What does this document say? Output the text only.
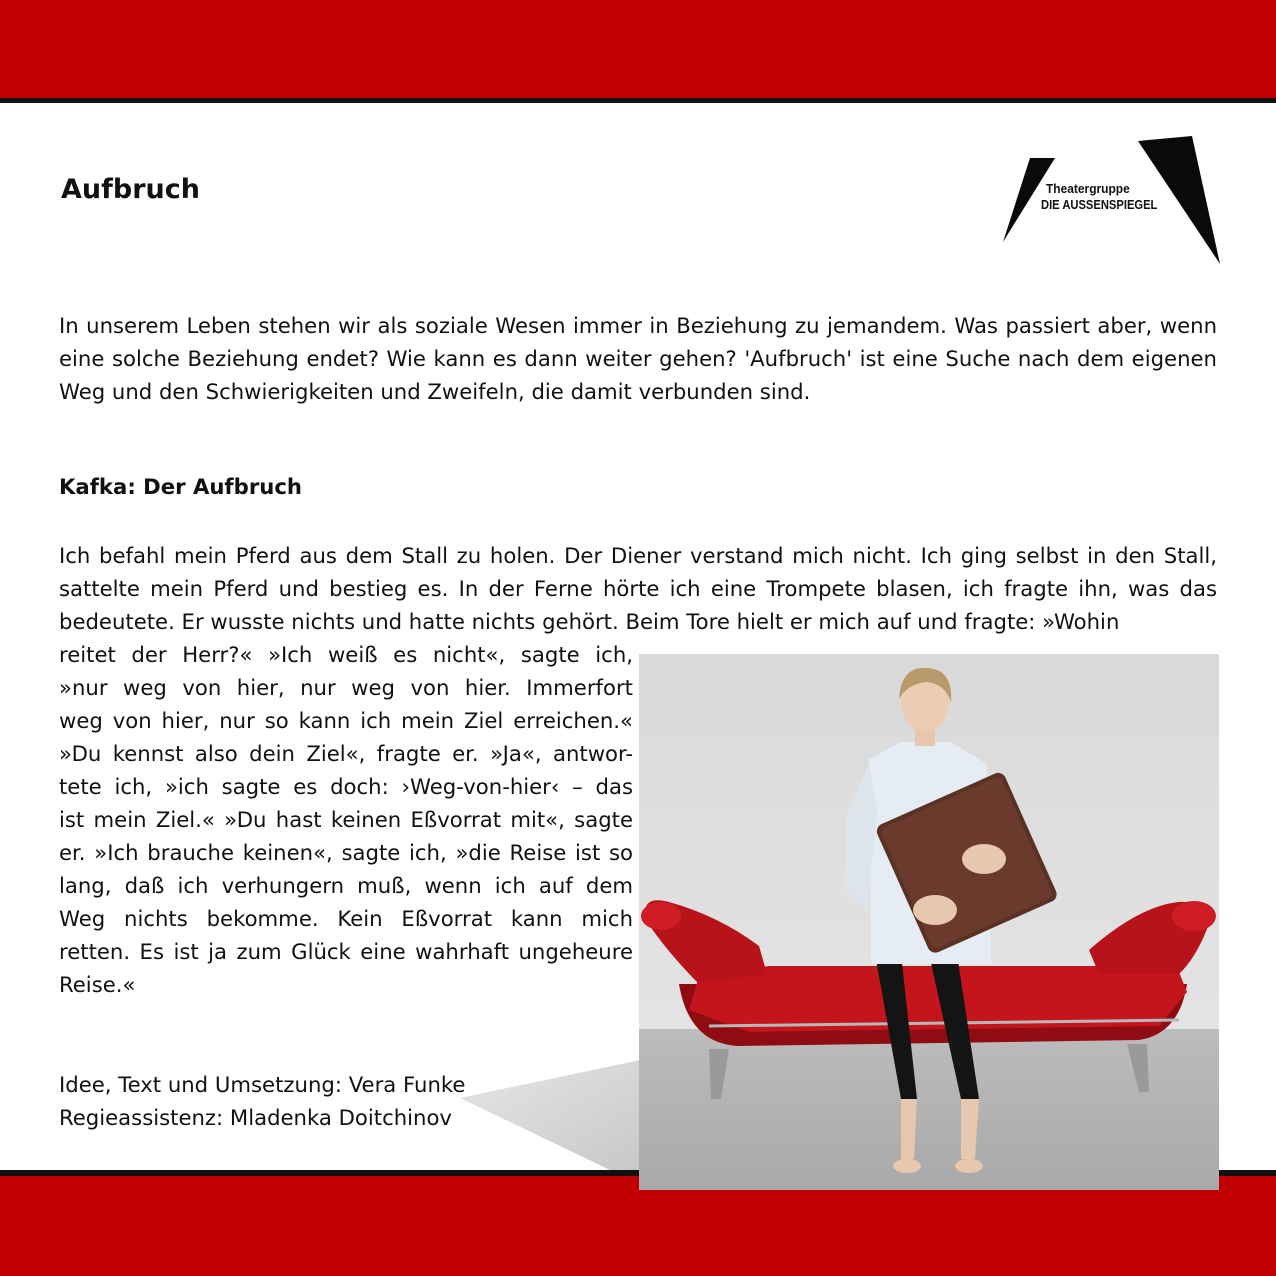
Aufbruch	Theatergruppe
DIE AUSSENSPIEGEL

In unserem Leben stehen wir als soziale Wesen immer in Beziehung zu jemandem. Was passiert aber, wenn eine solche Beziehung endet? Wie kann es dann weiter gehen? 'Aufbruch' ist eine Suche nach dem eigenen Weg und den Schwierigkeiten und Zweifeln, die damit verbunden sind.

Kafka: Der Aufbruch

Ich befahl mein Pferd aus dem Stall zu holen. Der Diener verstand mich nicht. Ich ging selbst in den Stall, sattelte mein Pferd und bestieg es. In der Ferne hörte ich eine Trompete blasen, ich fragte ihn, was das bedeutete. Er wusste nichts und hatte nichts gehört. Beim Tore hielt er mich auf und fragte: »Wohin

reitet der Herr?« »Ich weiß es nicht«, sagte ich,
»nur weg von hier, nur weg von hier. Immerfort
weg von hier, nur so kann ich mein Ziel erreichen.«
»Du kennst also dein Ziel«, fragte er. »Ja«, antwor-
tete ich, »ich sagte es doch: ›Weg-von-hier‹ – das
ist mein Ziel.« »Du hast keinen Eßvorrat mit«, sagte
er. »Ich brauche keinen«, sagte ich, »die Reise ist so
lang, daß ich verhungern muß, wenn ich auf dem
Weg nichts bekomme. Kein Eßvorrat kann mich
retten. Es ist ja zum Glück eine wahrhaft ungeheure
Reise.«
Idee, Text und Umsetzung: Vera Funke
Regieassistenz: Mladenka Doitchinov
